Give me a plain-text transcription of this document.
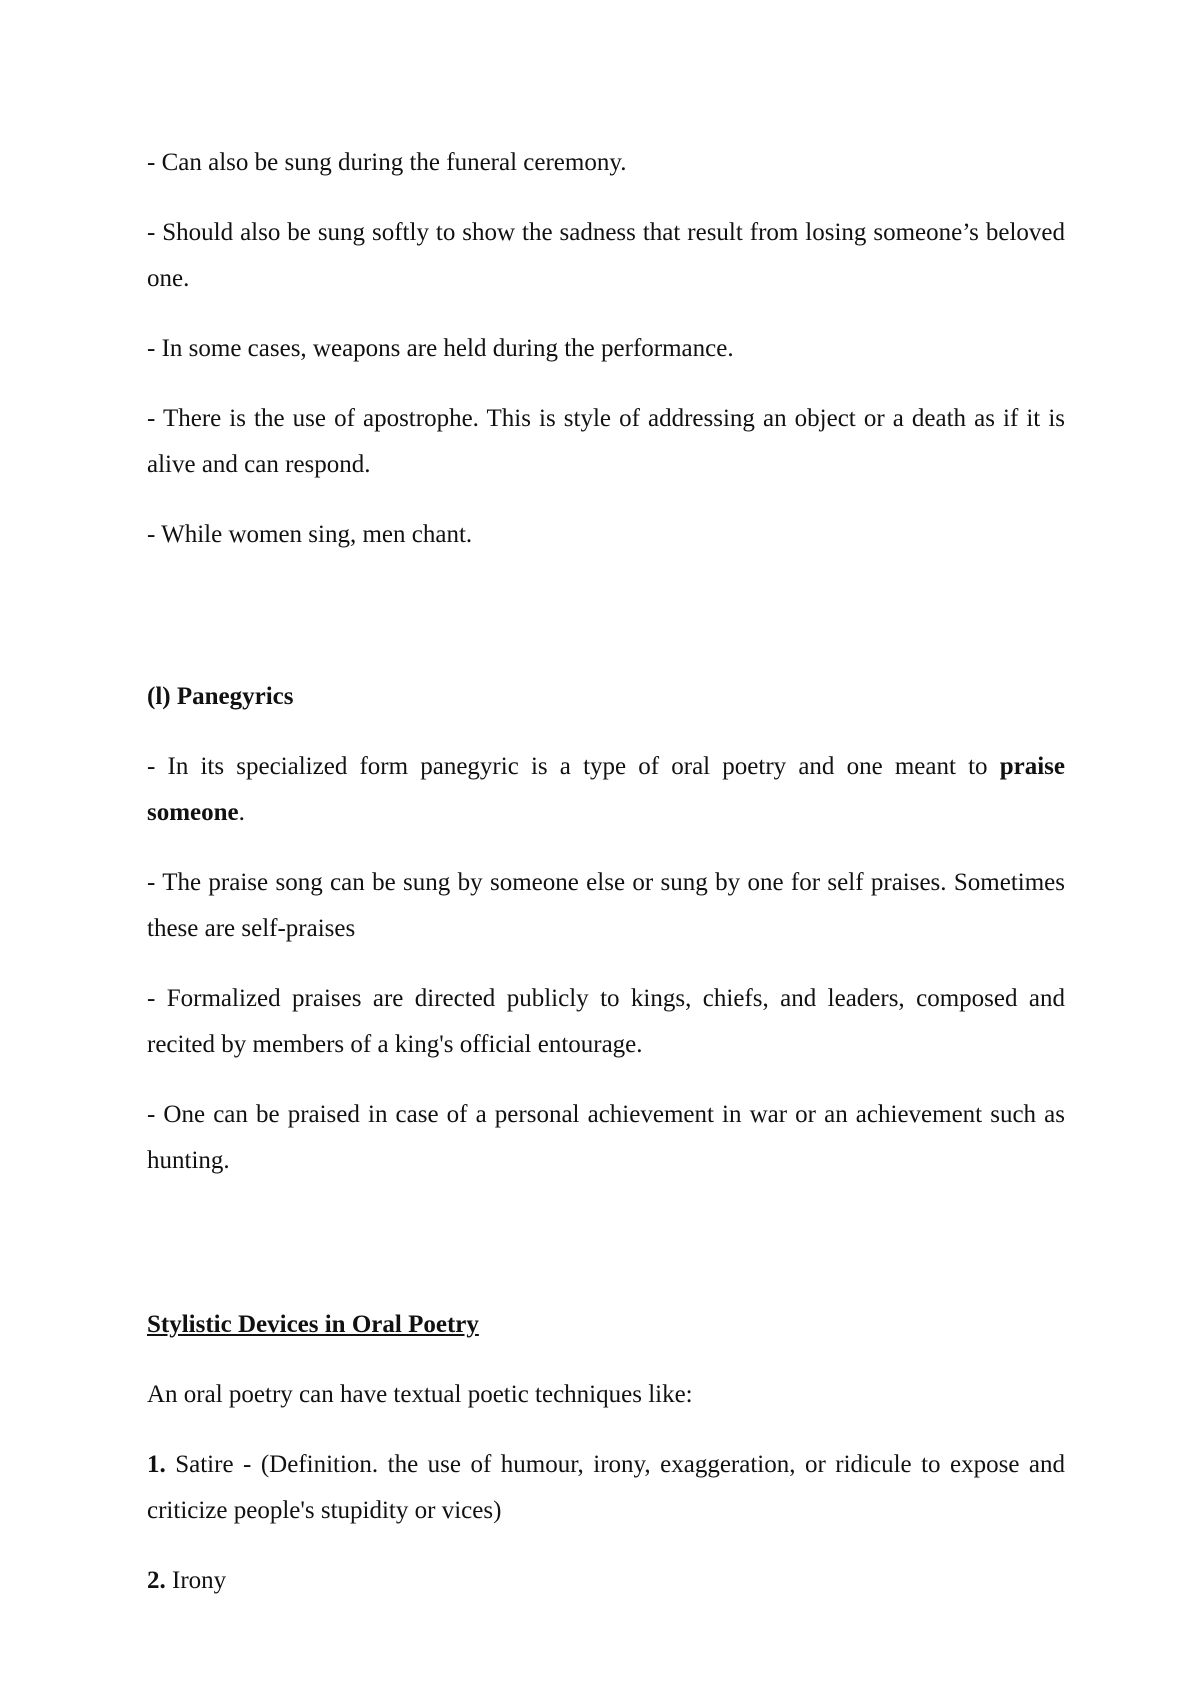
- Can also be sung during the funeral ceremony.

- Should also be sung softly to show the sadness that result from losing someone’s beloved one.

- In some cases, weapons are held during the performance.

- There is the use of apostrophe. This is style of addressing an object or a death as if it is alive and can respond.

- While women sing, men chant.

(l) Panegyrics

- In its specialized form panegyric is a type of oral poetry and one meant to praise someone.

- The praise song can be sung by someone else or sung by one for self praises. Sometimes these are self-praises

- Formalized praises are directed publicly to kings, chiefs, and leaders, composed and recited by members of a king's official entourage.

- One can be praised in case of a personal achievement in war or an achievement such as hunting.

Stylistic Devices in Oral Poetry

An oral poetry can have textual poetic techniques like:

1. Satire - (Definition. the use of humour, irony, exaggeration, or ridicule to expose and criticize people's stupidity or vices)

2. Irony
